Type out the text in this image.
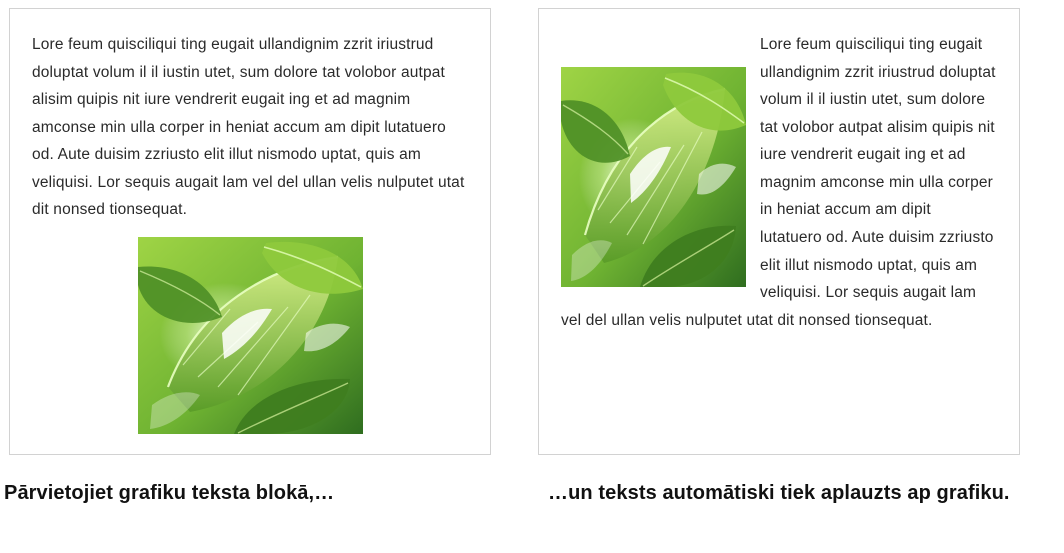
Lore feum quisciliqui ting eugait ullandignim zzrit iriustrud doluptat volum il il iustin utet, sum dolore tat volobor autpat alisim quipis nit iure vendrerit eugait ing et ad magnim amconse min ulla corper in heniat accum am dipit lutatuero od. Aute duisim zzriusto elit illut nismodo uptat, quis am veliquisi. Lor sequis augait lam vel del ullan velis nulputet utat dit nonsed tionsequat.

Lore feum quisciliqui ting eugait ullandignim zzrit iriustrud doluptat volum il il iustin utet, sum dolore tat volobor autpat alisim quipis nit iure vendrerit eugait ing et ad magnim amconse min ulla corper in heniat accum am dipit lutatuero od. Aute duisim zzriusto elit illut nismodo uptat, quis am veliquisi. Lor sequis augait lam vel del ullan velis nulputet utat dit nonsed tionsequat.

Pārvietojiet grafiku teksta blokā,…	…un teksts automātiski tiek aplauzts ap grafiku.
